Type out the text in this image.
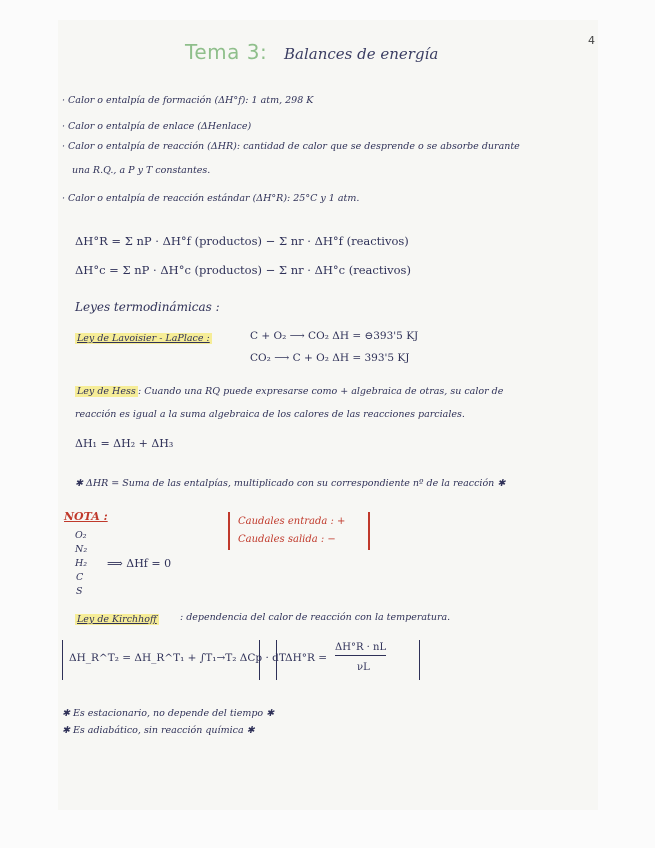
4
Tema 3: Balances de energía
· Calor o entalpía de formación (ΔH°f): 1 atm, 298 K
· Calor o entalpía de enlace (ΔHenlace)
· Calor o entalpía de reacción (ΔHR): cantidad de calor que se desprende o se absorbe durante
una R.Q., a P y T constantes.
· Calor o entalpía de reacción estándar (ΔH°R): 25°C y 1 atm.
ΔH°R = Σ nP · ΔH°f (productos) − Σ nr · ΔH°f (reactivos)
ΔH°c = Σ nP · ΔH°c (productos) − Σ nr · ΔH°c (reactivos)
Leyes termodinámicas :
Ley de Lavoisier - LaPlace :	C + O₂ ⟶ CO₂ ΔH = ⊖393'5 KJ
CO₂ ⟶ C + O₂ ΔH = 393'5 KJ
Ley de Hess : Cuando una RQ puede expresarse como + algebraica de otras, su calor de
reacción es igual a la suma algebraica de los calores de las reacciones parciales.
ΔH₁ = ΔH₂ + ΔH₃
✱ ΔHR = Suma de las entalpías, multiplicado con su correspondiente nº de la reacción ✱
NOTA :
O₂
N₂
H₂
C
S
⟹ ΔHf = 0
Caudales entrada : +
Caudales salida : −
Ley de Kirchhoff : dependencia del calor de reacción con la temperatura.
ΔH_R^T₂ = ΔH_R^T₁ + ∫T₁→T₂ ΔCp · dT ΔH°R =
ΔH°R · nL
νL
✱ Es estacionario, no depende del tiempo ✱
✱ Es adiabático, sin reacción química ✱
